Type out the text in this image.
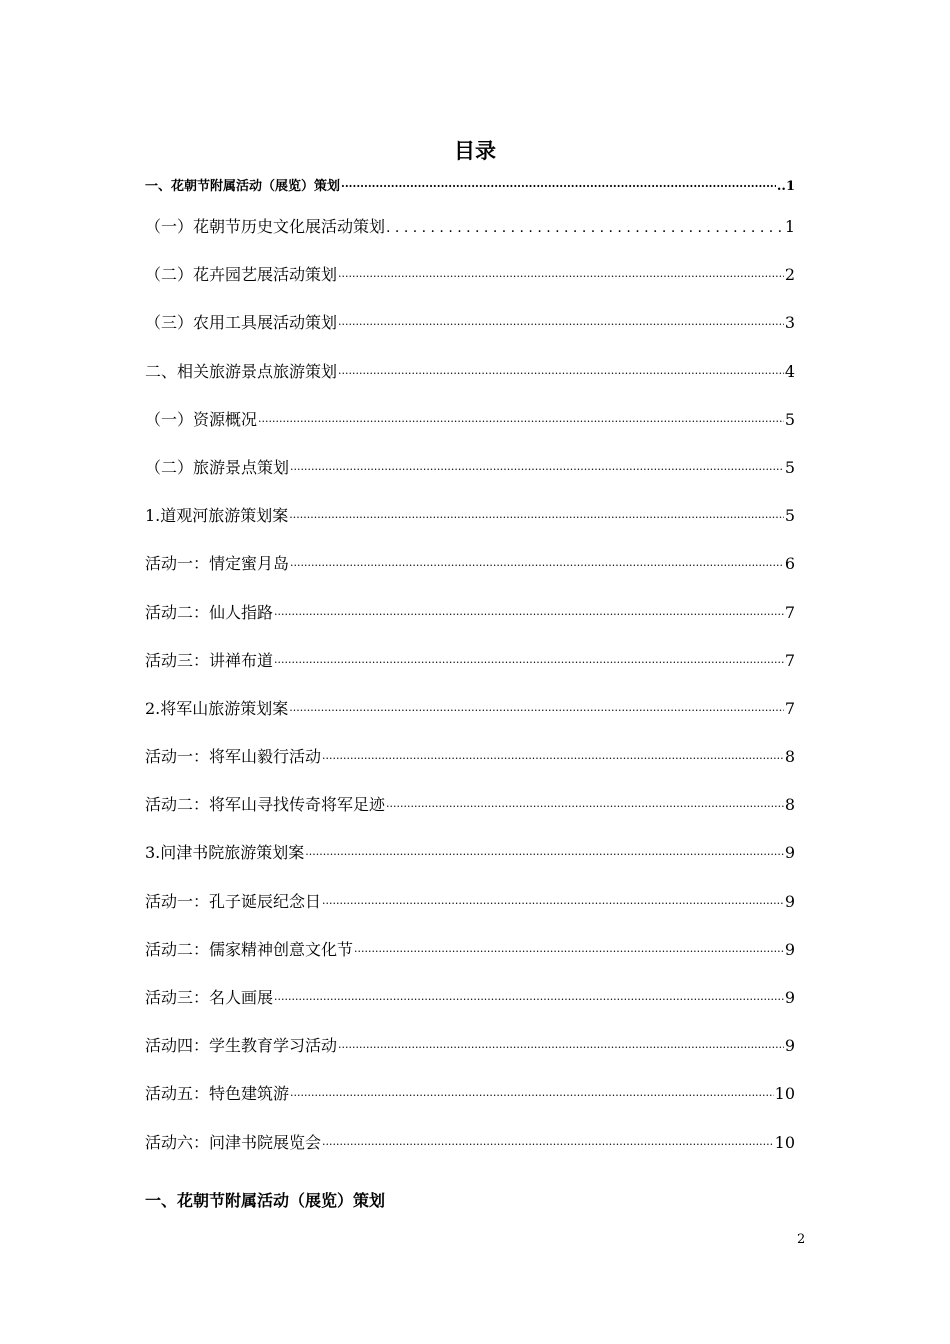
目录
一、花朝节附属活动（展览）策划 ·····	..1
（一）花朝节历史文化展活动策划 . . .	1
（二）花卉园艺展活动策划 ·····	2
（三）农用工具展活动策划 ·····	3
二、相关旅游景点旅游策划 ·····	4
（一）资源概况 ·····	5
（二）旅游景点策划 ·····	5
1.道观河旅游策划案 ·····	5
活动一：情定蜜月岛 ·····	6
活动二：仙人指路 ·····	7
活动三：讲禅布道 ·····	7
2.将军山旅游策划案 ·····	7
活动一：将军山毅行活动 ·····	8
活动二：将军山寻找传奇将军足迹 ·····	8
3.问津书院旅游策划案 ·····	9
活动一：孔子诞辰纪念日 ·····	9
活动二：儒家精神创意文化节 ·····	9
活动三：名人画展 ·····	9
活动四：学生教育学习活动 ·····	9
活动五：特色建筑游 ·····	10
活动六：问津书院展览会 ·····	10
一、花朝节附属活动（展览）策划
2
